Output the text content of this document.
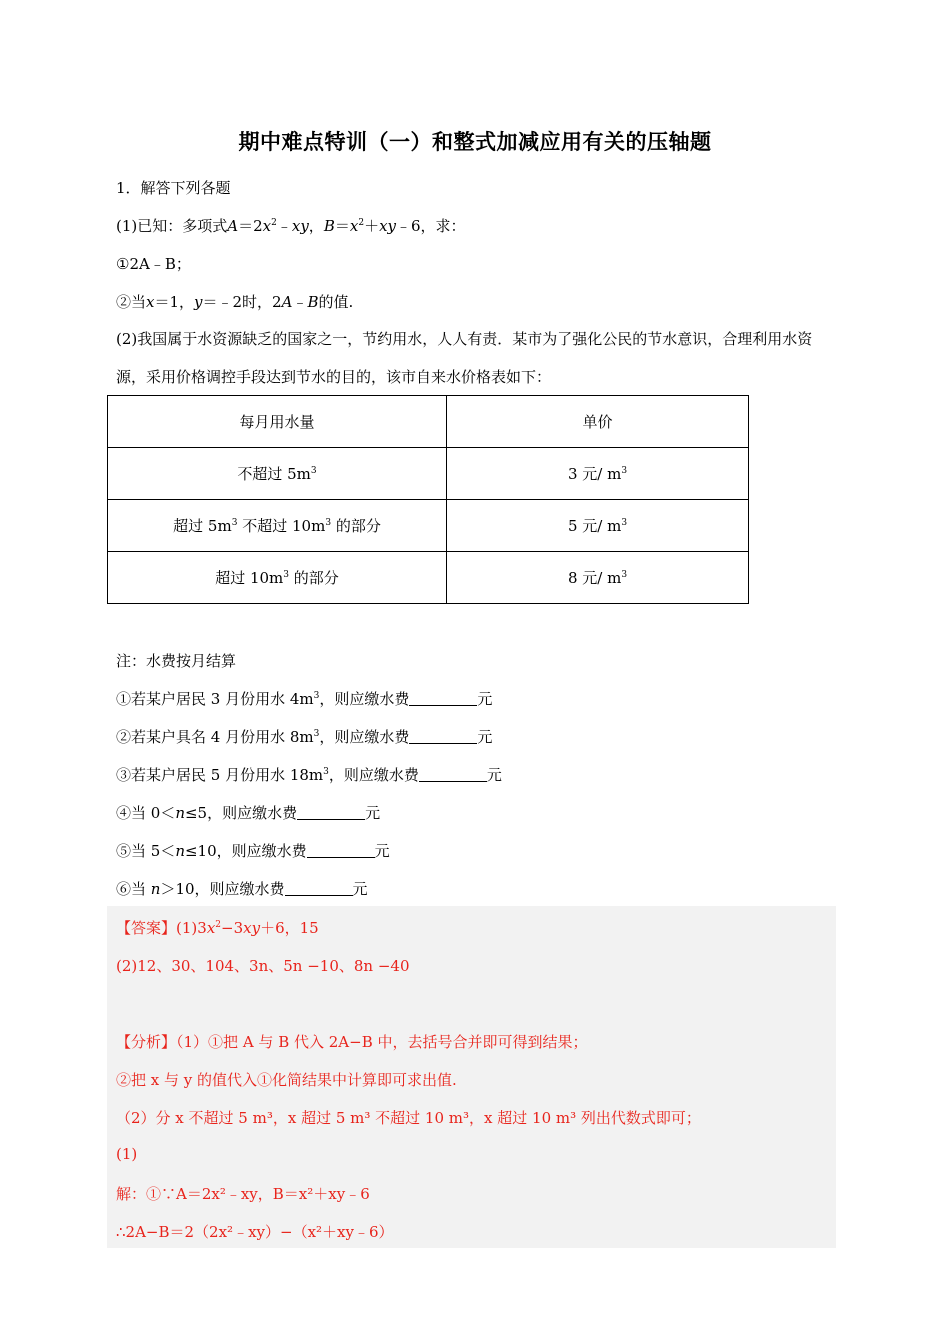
期中难点特训（一）和整式加减应用有关的压轴题
1．解答下列各题
(1)已知：多项式$A=2x^2﹣xy$，$B=x^2+xy﹣6$，求：
①2A﹣B；
②当x＝1，y＝﹣2时，2A﹣B的值.
(2)我国属于水资源缺乏的国家之一，节约用水，人人有责．某市为了强化公民的节水意识，合理利用水资源，采用价格调控手段达到节水的目的，该市自来水价格表如下：
每月用水量	单价
不超过 $5m^3$	3 元/ $m^3$
超过 $5m^3$ 不超过 $10m^3$ 的部分	5 元/ $m^3$
超过 $10m^3$ 的部分	8 元/ $m^3$
注：水费按月结算
①若某户居民 3 月份用水 $4m^3$，则应缴水费	元
②若某户具名 4 月份用水 $8m^3$，则应缴水费	元
③若某户居民 5 月份用水 $18m^3$，则应缴水费	元
④当 0＜n≤5，则应缴水费	元
⑤当 5＜n≤10，则应缴水费	元
⑥当 n＞10，则应缴水费	元
【答案】$(1)3x^2-3xy+6$，15
(2)12、30、104、3n、5n −10、8n −40
【分析】（1）①把 A 与 B 代入 2A−B 中，去括号合并即可得到结果；
②把 x 与 y 的值代入①化简结果中计算即可求出值.
（2）分 x 不超过 5 m³，x 超过 5 m³ 不超过 10 m³，x 超过 10 m³ 列出代数式即可；
(1)
解：①∵A＝2x²﹣xy，B＝x²＋xy﹣6
∴2A−B＝2（2x²﹣xy）−（x²＋xy﹣6）
